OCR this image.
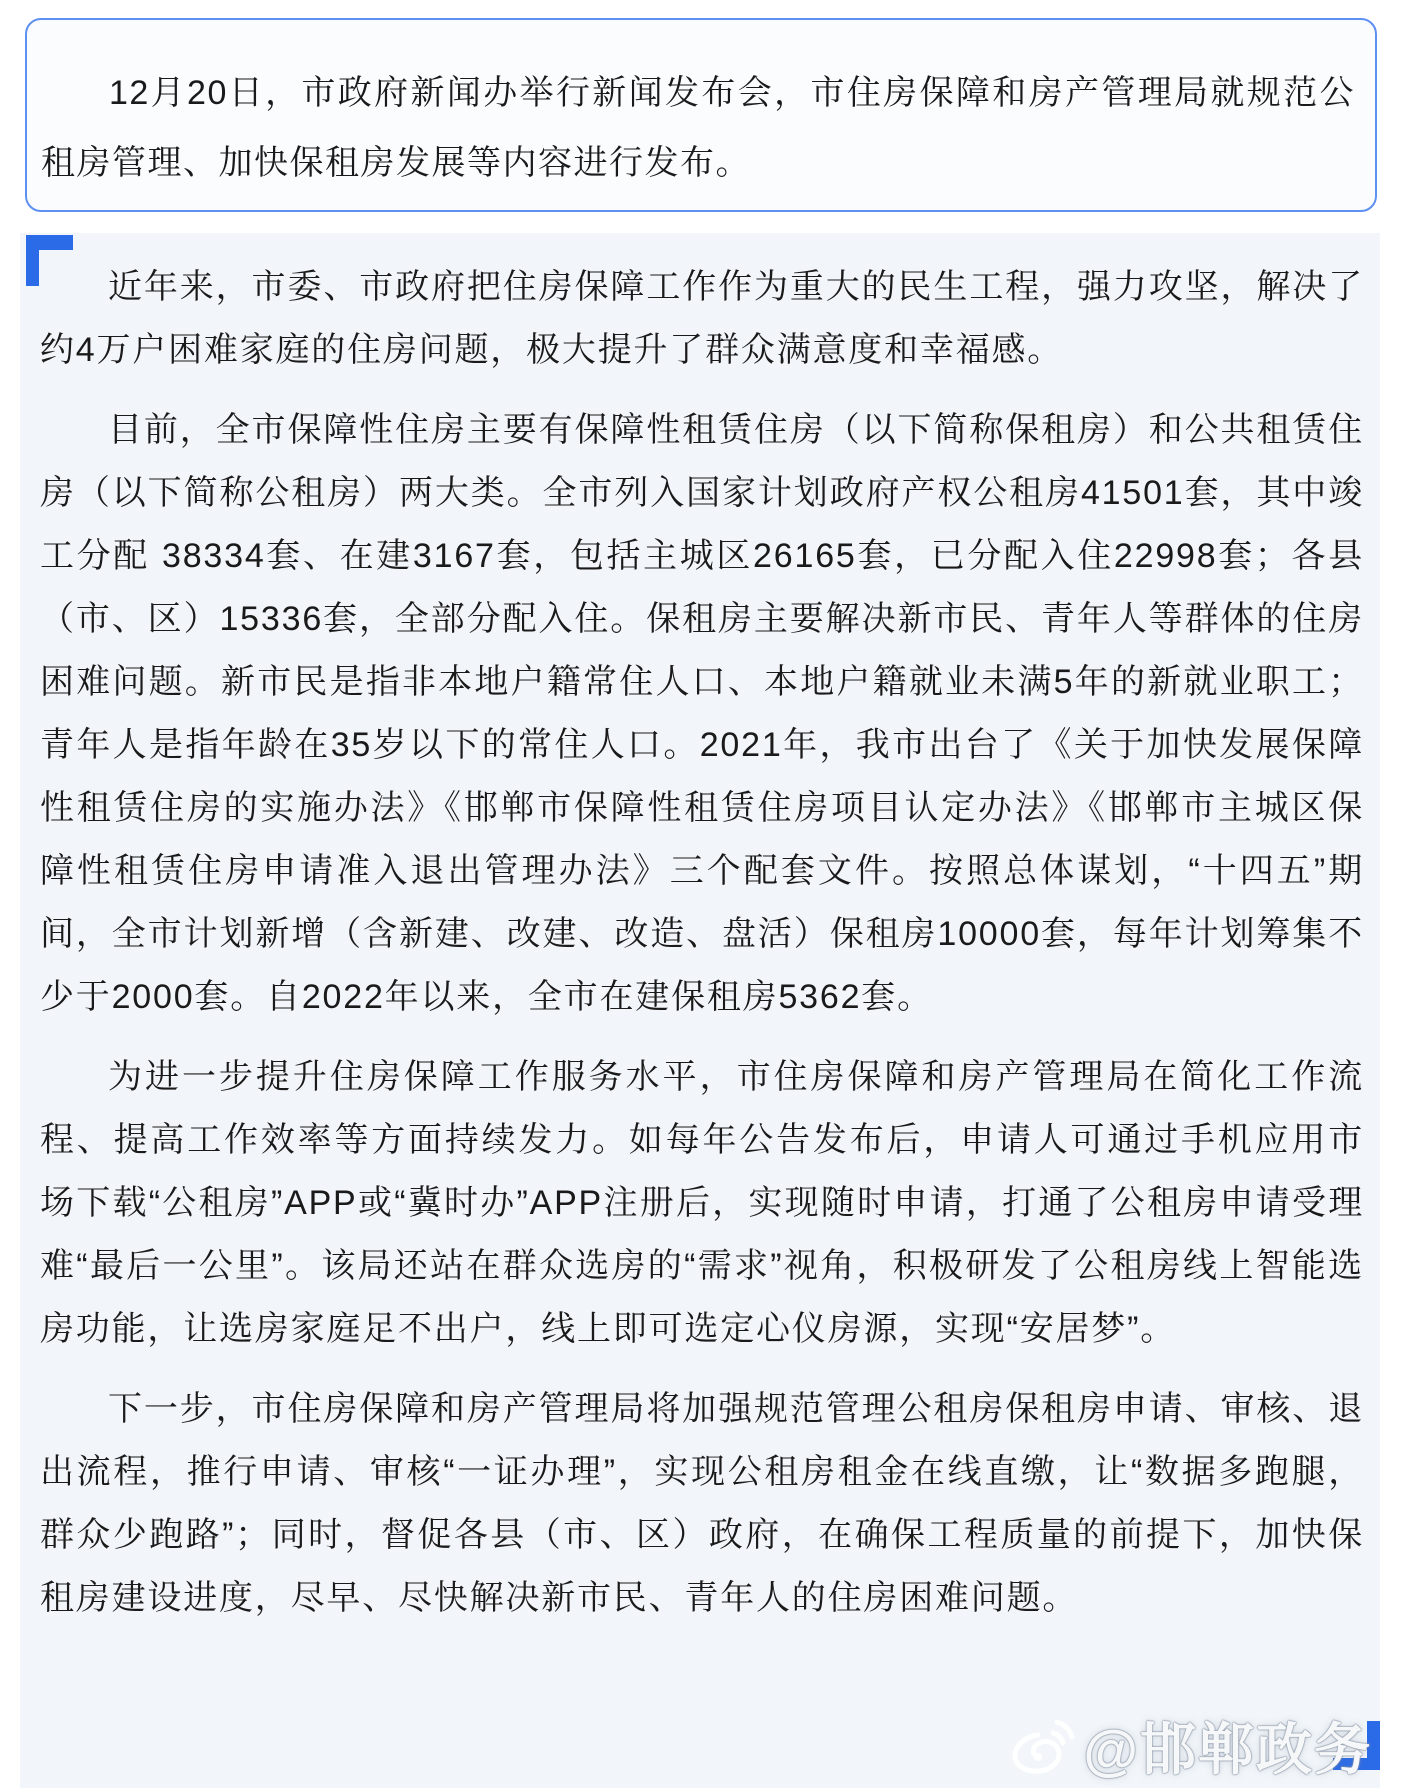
12月20日，市政府新闻办举行新闻发布会，市住房保障和房产管理局就规范公租房管理、加快保租房发展等内容进行发布。

近年来，市委、市政府把住房保障工作作为重大的民生工程，强力攻坚，解决了约4万户困难家庭的住房问题，极大提升了群众满意度和幸福感。

目前，全市保障性住房主要有保障性租赁住房（以下简称保租房）和公共租赁住房（以下简称公租房）两大类。全市列入国家计划政府产权公租房41501套，其中竣工分配 38334套、在建3167套，包括主城区26165套，已分配入住22998套；各县（市、区）15336套，全部分配入住。保租房主要解决新市民、青年人等群体的住房困难问题。新市民是指非本地户籍常住人口、本地户籍就业未满5年的新就业职工；青年人是指年龄在35岁以下的常住人口。2021年，我市出台了《关于加快发展保障性租赁住房的实施办法》《邯郸市保障性租赁住房项目认定办法》《邯郸市主城区保障性租赁住房申请准入退出管理办法》三个配套文件。按照总体谋划，“十四五”期间，全市计划新增（含新建、改建、改造、盘活）保租房10000套，每年计划筹集不少于2000套。自2022年以来，全市在建保租房5362套。

为进一步提升住房保障工作服务水平，市住房保障和房产管理局在简化工作流程、提高工作效率等方面持续发力。如每年公告发布后，申请人可通过手机应用市场下载“公租房”APP或“冀时办”APP注册后，实现随时申请，打通了公租房申请受理难“最后一公里”。该局还站在群众选房的“需求”视角，积极研发了公租房线上智能选房功能，让选房家庭足不出户，线上即可选定心仪房源，实现“安居梦”。

下一步，市住房保障和房产管理局将加强规范管理公租房保租房申请、审核、退出流程，推行申请、审核“一证办理”，实现公租房租金在线直缴，让“数据多跑腿，群众少跑路”；同时，督促各县（市、区）政府，在确保工程质量的前提下，加快保租房建设进度，尽早、尽快解决新市民、青年人的住房困难问题。

@邯郸政务
